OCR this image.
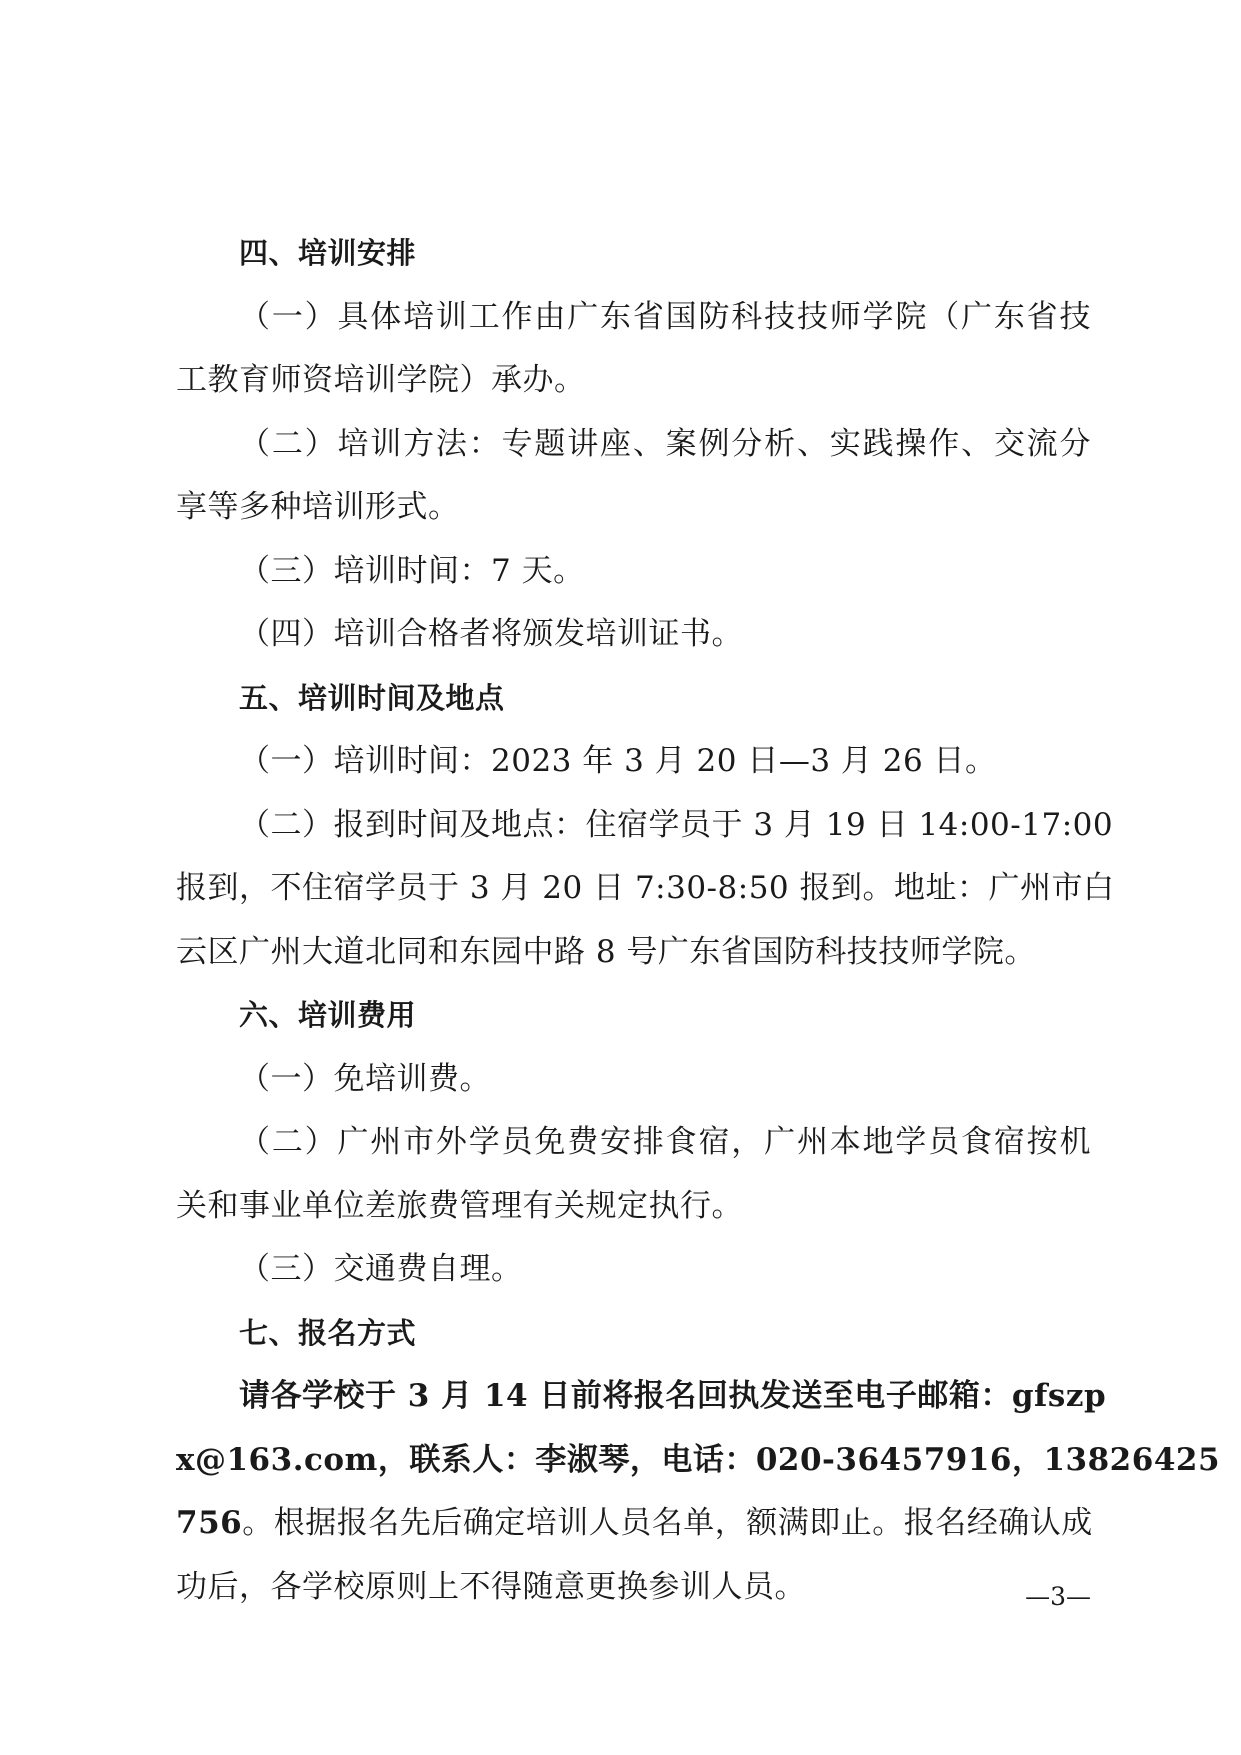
四、培训安排
（一）具体培训工作由广东省国防科技技师学院（广东省技
工教育师资培训学院）承办。
（二）培训方法：专题讲座、案例分析、实践操作、交流分
享等多种培训形式。
（三）培训时间：7 天。
（四）培训合格者将颁发培训证书。
五、培训时间及地点
（一）培训时间：2023 年 3 月 20 日—3 月 26 日。
（二）报到时间及地点：住宿学员于 3 月 19 日 14:00-17:00
报到，不住宿学员于 3 月 20 日 7:30-8:50 报到。地址：广州市白
云区广州大道北同和东园中路 8 号广东省国防科技技师学院。
六、培训费用
（一）免培训费。
（二）广州市外学员免费安排食宿，广州本地学员食宿按机
关和事业单位差旅费管理有关规定执行。
（三）交通费自理。
七、报名方式
请各学校于 3 月 14 日前将报名回执发送至电子邮箱：gfszp
x@163.com，联系人：李淑琴，电话：020-36457916，13826425
756。根据报名先后确定培训人员名单，额满即止。报名经确认成
功后，各学校原则上不得随意更换参训人员。	—3—
